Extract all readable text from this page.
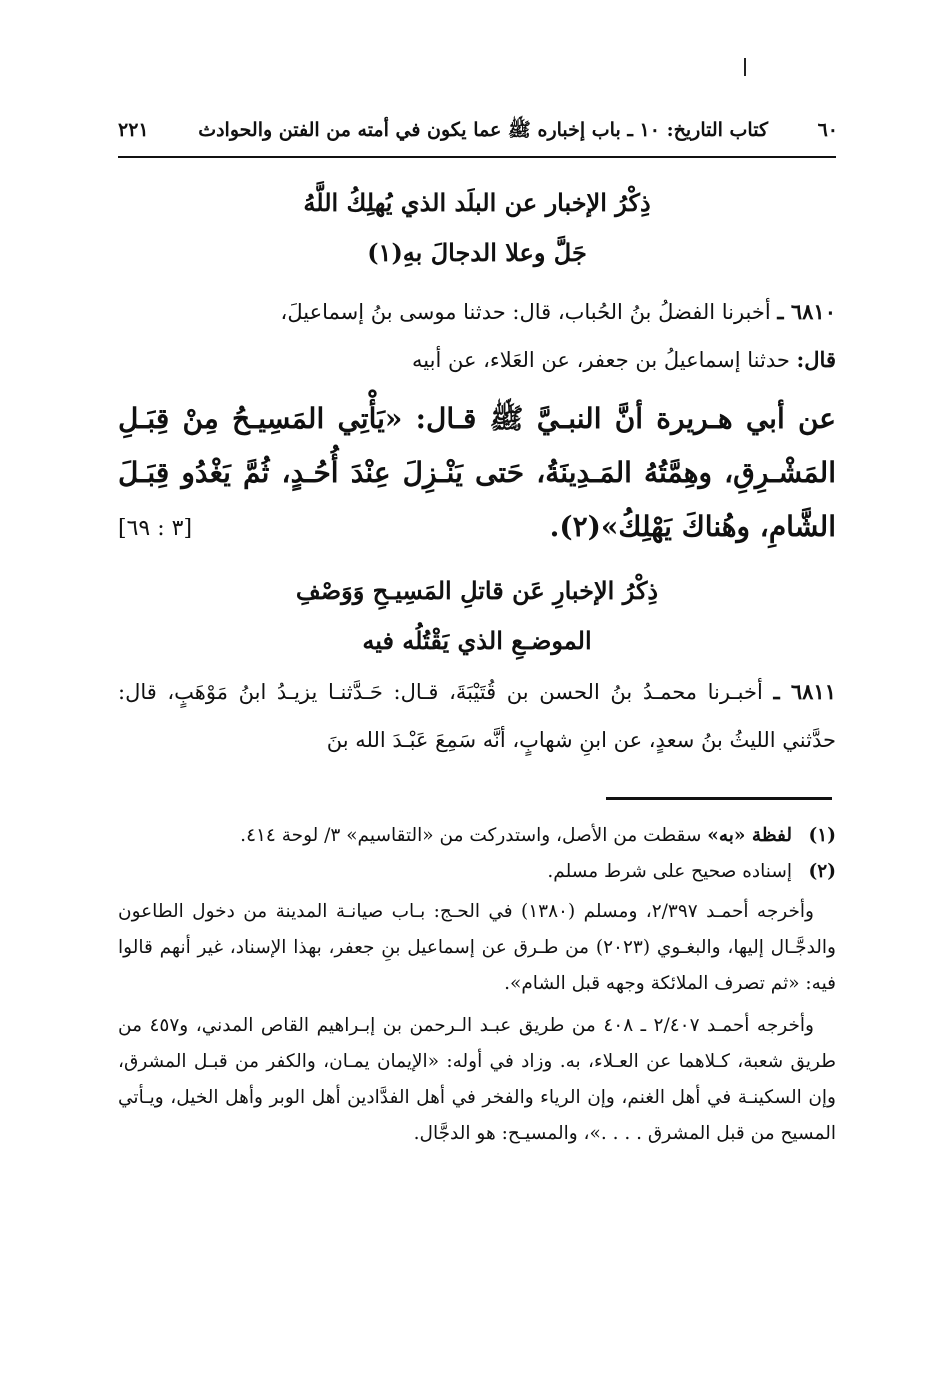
٦٠
كتاب التاريخ: ١٠ ـ باب إخباره ﷺ عما يكون في أمته من الفتن والحوادث
٢٢١
ذِكْرُ الإخبار عن البلَد الذي يُهلِكُ اللَّهُ
جَلَّ وعلا الدجالَ بهِ(١)
٦٨١٠ ـ أخبرنا الفضلُ بنُ الحُباب، قال: حدثنا موسى بنُ إسماعيلَ،
قال: حدثنا إسماعيلُ بن جعفر، عن العَلاء، عن أبيه
عن أبي هـريرة أنَّ النبـيَّ ﷺ قـال: «يَأْتِي المَسِيـحُ مِنْ قِبَـلِ المَشْـرِقِ، وهِمَّتُهُ المَـدِينَةُ، حَتى يَنْـزِلَ عِنْدَ أُحُـدٍ، ثُمَّ يَغْدُو قِبَـلَ الشَّامِ، وهُناكَ يَهْلِكُ»(٢).
[٣ : ٦٩]
ذِكْرُ الإخبارِ عَن قاتلِ المَسِيـحِ وَوَصْفِ
الموضـعِ الذي يَقْتُلُه فيه
٦٨١١ ـ أخبـرنا محمـدُ بنُ الحسن بن قُتَيْبَةَ، قـال: حَـدَّثنـا يزيـدُ ابنُ مَوْهَبٍ، قال: حدَّثني الليثُ بنُ سعدٍ، عن ابنِ شهابٍ، أنَّه سَمِعَ عَبْـدَ الله بنَ
(١)
لفظة «به» سقطت من الأصل، واستدركت من «التقاسيم» ٣/ لوحة ٤١٤.
(٢)
إسناده صحيح على شرط مسلم.
وأخرجه أحمـد ٢/٣٩٧، ومسلم (١٣٨٠) في الحـج: بـاب صيانـة المدينة من دخول الطاعون والدجَّـال إليها، والبغـوي (٢٠٢٣) من طـرق عن إسماعيل بنِ جعفر، بهذا الإسناد، غير أنهم قالوا فيه: «ثم تصرف الملائكة وجهه قبل الشام».
وأخرجه أحمـد ٢/٤٠٧ ـ ٤٠٨ من طريق عبـد الـرحمن بن إبـراهيم القاص المدني، و٤٥٧ من طريق شعبة، كـلاهما عن العـلاء، به. وزاد في أوله: «الإيمان يمـان، والكفر من قبـل المشرق، وإن السكينـة في أهل الغنم، وإن الرياء والفخر في أهل الفدَّادين أهل الوبر وأهل الخيل، ويـأتي المسيح من قبل المشرق . . . .»، والمسيـح: هو الدجَّال.
